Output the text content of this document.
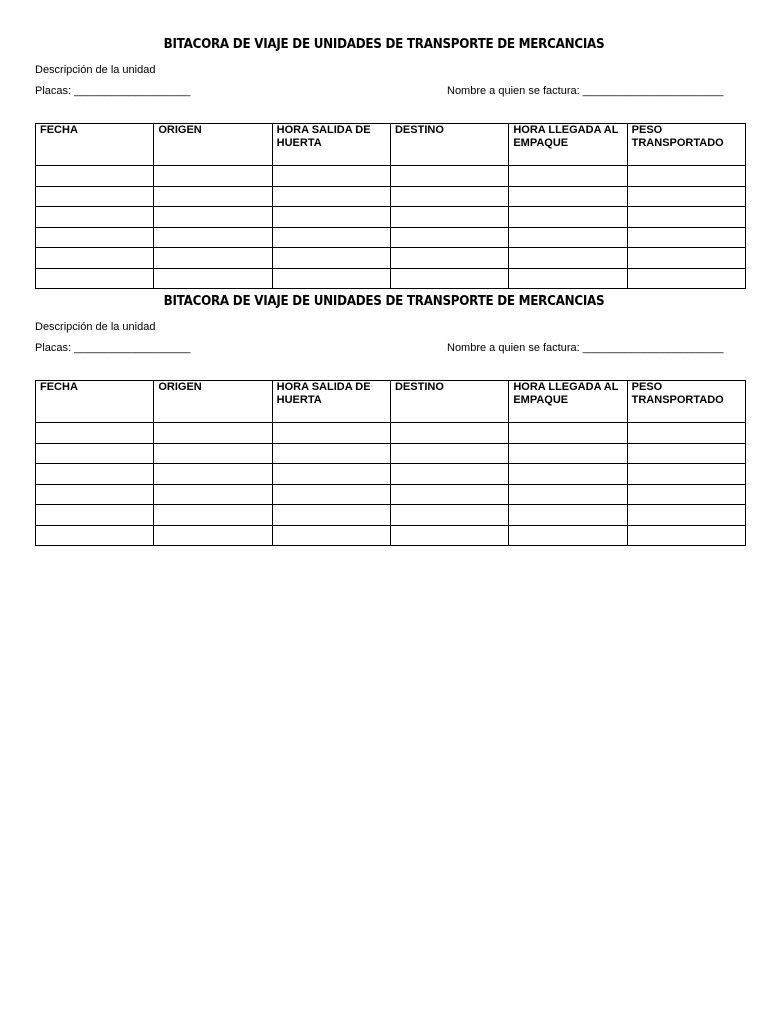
BITACORA DE VIAJE DE UNIDADES DE TRANSPORTE DE MERCANCIAS
Descripción de la unidad
Placas: ___________________	Nombre a quien se factura: _______________________
FECHA	ORIGEN	HORA SALIDA DE HUERTA	DESTINO	HORA LLEGADA AL EMPAQUE	PESO TRANSPORTADO

BITACORA DE VIAJE DE UNIDADES DE TRANSPORTE DE MERCANCIAS
Descripción de la unidad
Placas: ___________________	Nombre a quien se factura: _______________________
FECHA	ORIGEN	HORA SALIDA DE HUERTA	DESTINO	HORA LLEGADA AL EMPAQUE	PESO TRANSPORTADO
